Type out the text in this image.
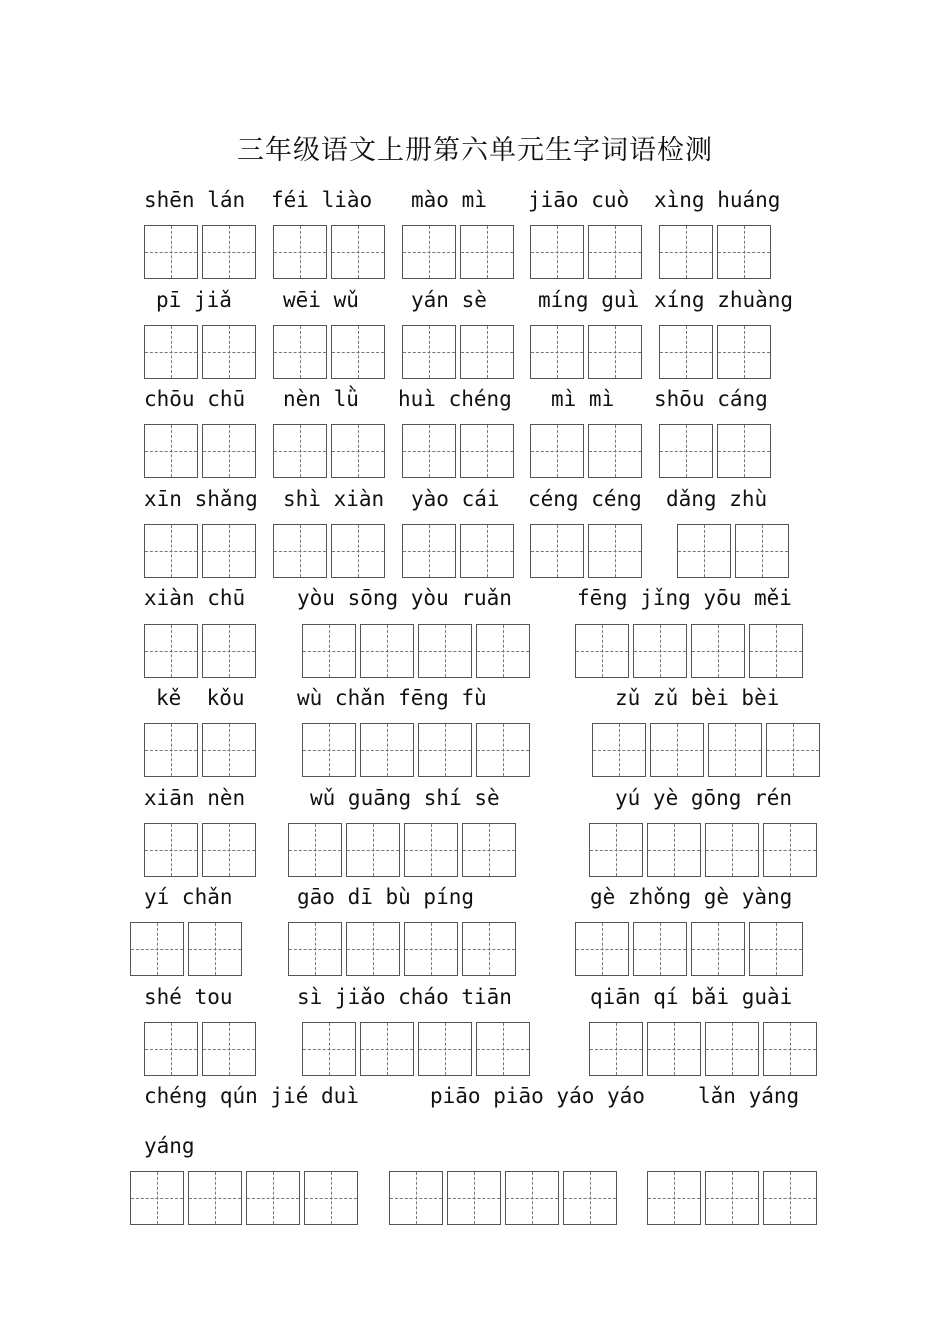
三年级语文上册第六单元生字词语检测
shēn lán féi liào mào mì jiāo cuò xìng huáng
pī jiǎ wēi wǔ yán sè míng guì xíng zhuàng
chōu chū nèn lǜ huì chéng mì mì shōu cáng
xīn shǎng shì xiàn yào cái céng céng dǎng zhù
xiàn chū yòu sōng yòu ruǎn	fēng jǐng yōu měi
kě  kǒu wù chǎn fēng fù	zǔ zǔ bèi bèi
xiān nèn	wǔ guāng shí sè	yú yè gōng rén
yí chǎn	gāo dī bù píng	gè zhǒng gè yàng
shé tou	sì jiǎo cháo tiān	qiān qí bǎi guài
chéng qún jié duì	piāo piāo yáo yáo	lǎn yáng
yáng
